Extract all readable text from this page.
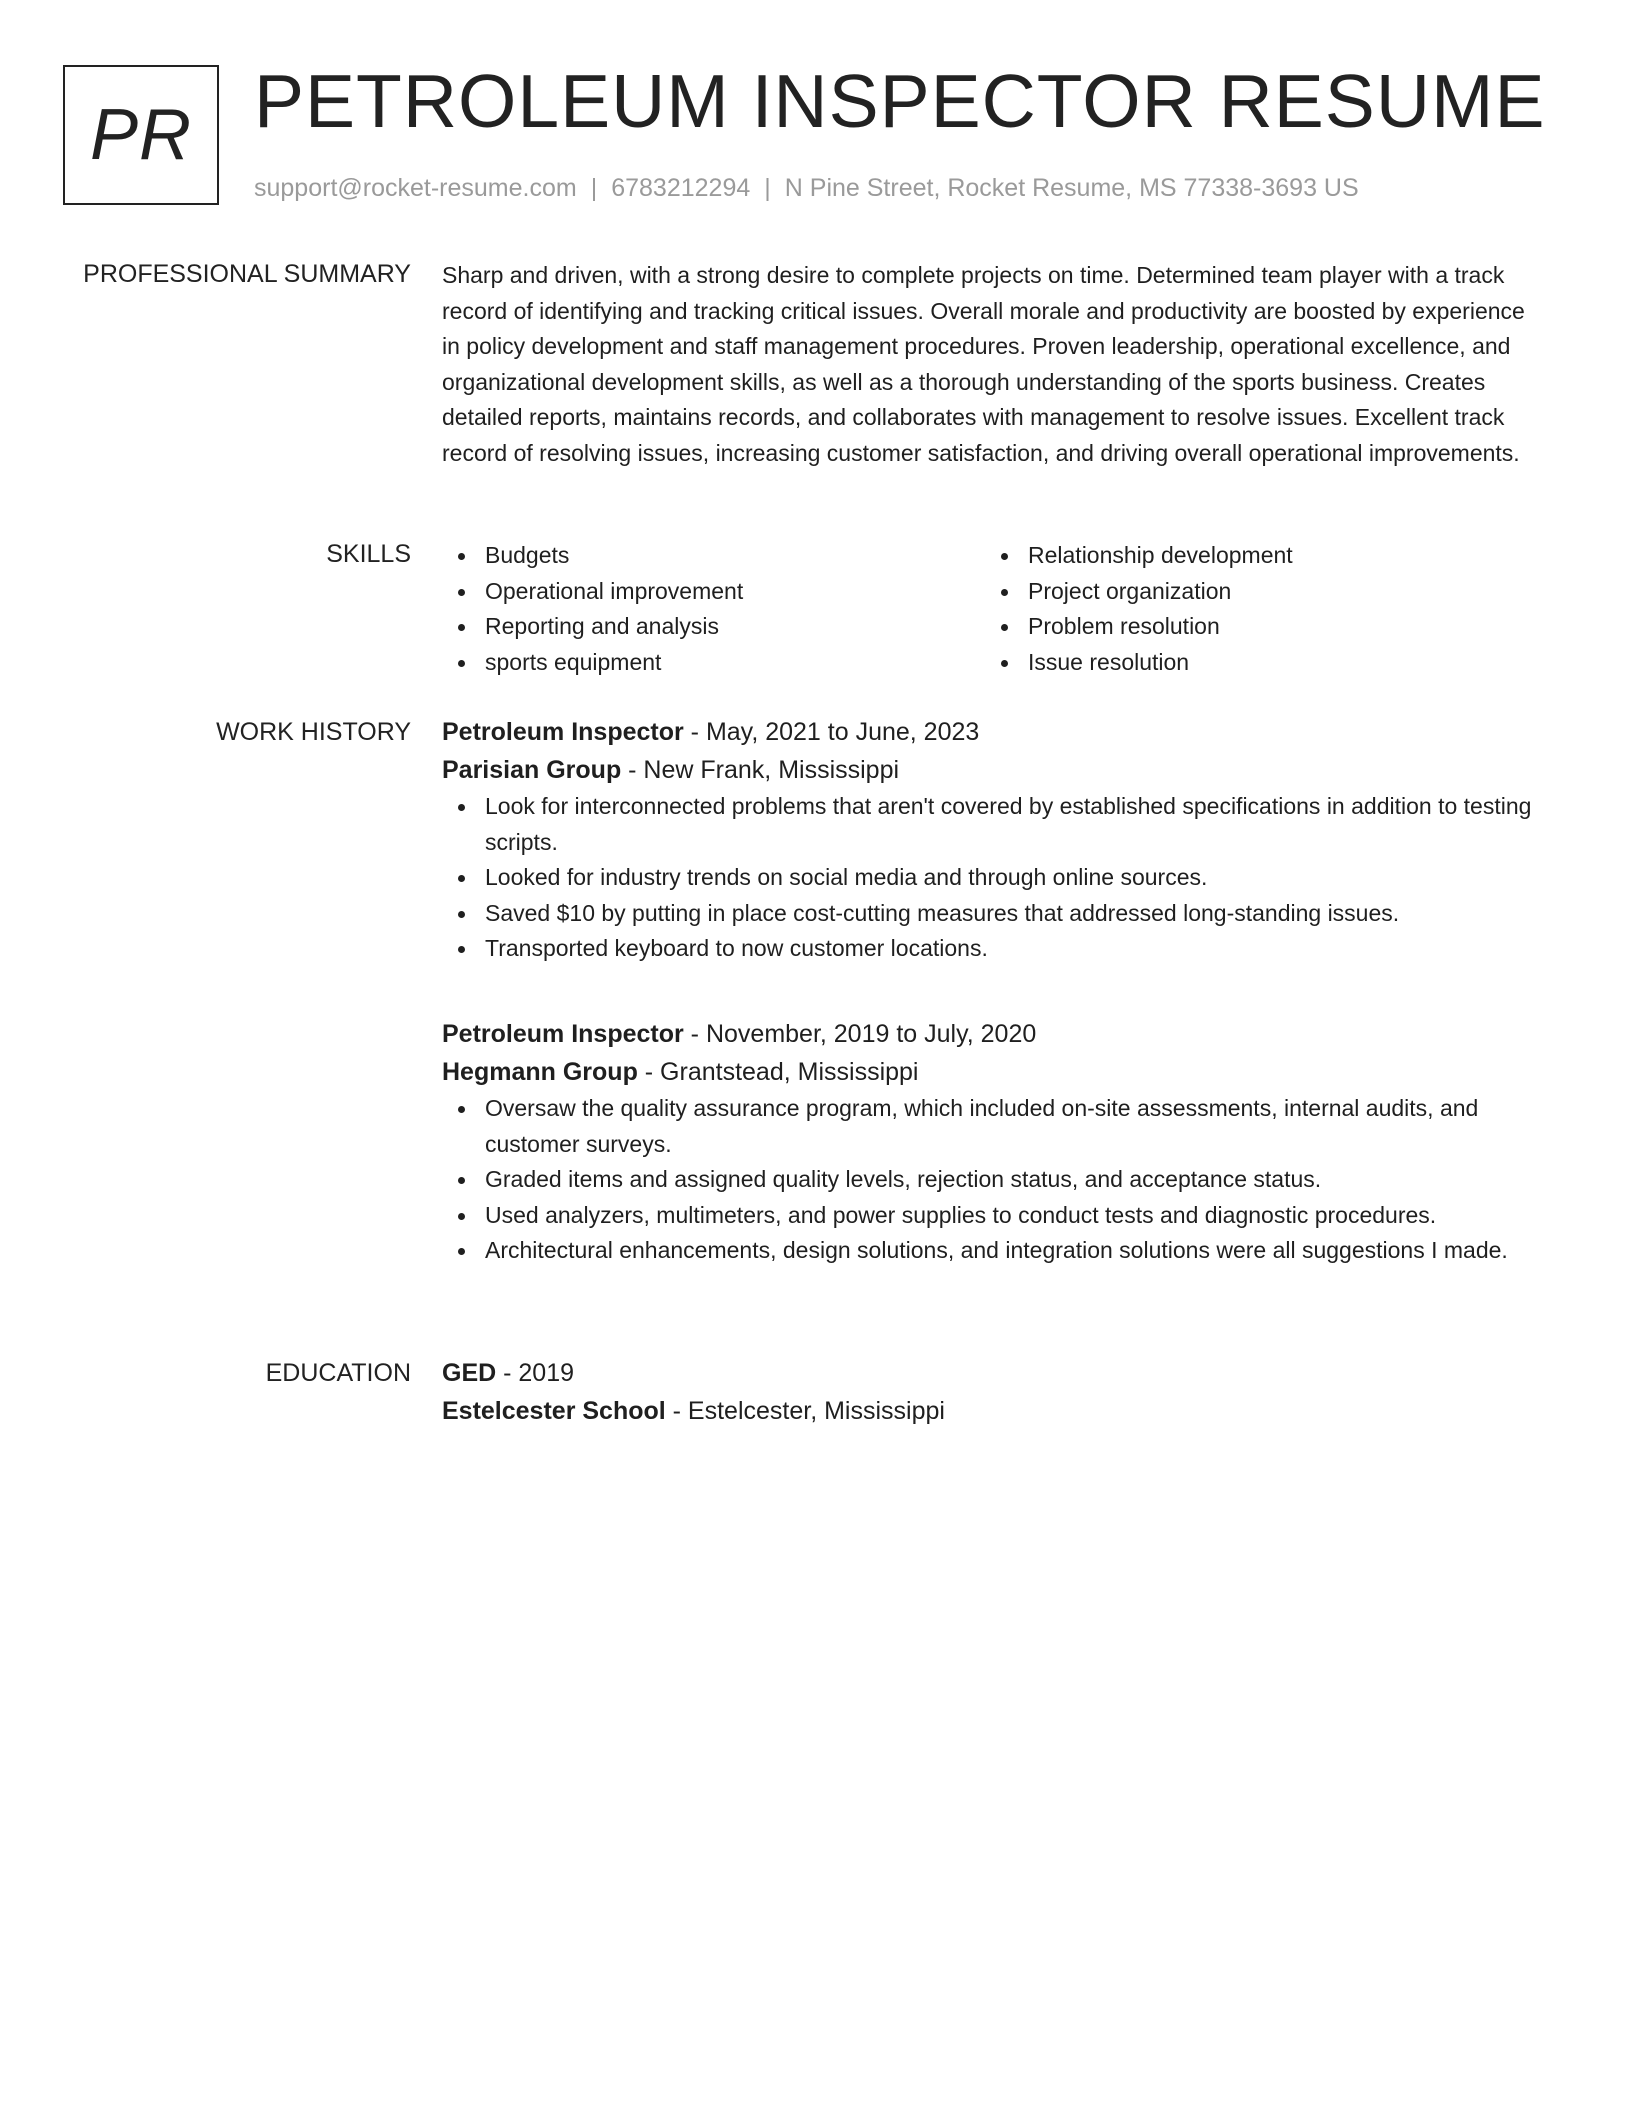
PR PETROLEUM INSPECTOR RESUME
support@rocket-resume.com | 6783212294 | N Pine Street, Rocket Resume, MS 77338-3693 US
PROFESSIONAL SUMMARY Sharp and driven, with a strong desire to complete projects on time. Determined team player with a track record of identifying and tracking critical issues. Overall morale and productivity are boosted by experience in policy development and staff management procedures. Proven leadership, operational excellence, and organizational development skills, as well as a thorough understanding of the sports business. Creates detailed reports, maintains records, and collaborates with management to resolve issues. Excellent track record of resolving issues, increasing customer satisfaction, and driving overall operational improvements.

SKILLS	Budgets
Operational improvement
Reporting and analysis
sports equipment
Relationship development
Project organization
Problem resolution
Issue resolution
WORK HISTORY Petroleum Inspector - May, 2021 to June, 2023
Parisian Group - New Frank, Mississippi
Look for interconnected problems that aren't covered by established specifications in addition to testing scripts.
Looked for industry trends on social media and through online sources.
Saved $10 by putting in place cost-cutting measures that addressed long-standing issues.
Transported keyboard to now customer locations.
Petroleum Inspector - November, 2019 to July, 2020
Hegmann Group - Grantstead, Mississippi
Oversaw the quality assurance program, which included on-site assessments, internal audits, and customer surveys.
Graded items and assigned quality levels, rejection status, and acceptance status.
Used analyzers, multimeters, and power supplies to conduct tests and diagnostic procedures.
Architectural enhancements, design solutions, and integration solutions were all suggestions I made.
EDUCATION GED - 2019
Estelcester School - Estelcester, Mississippi
